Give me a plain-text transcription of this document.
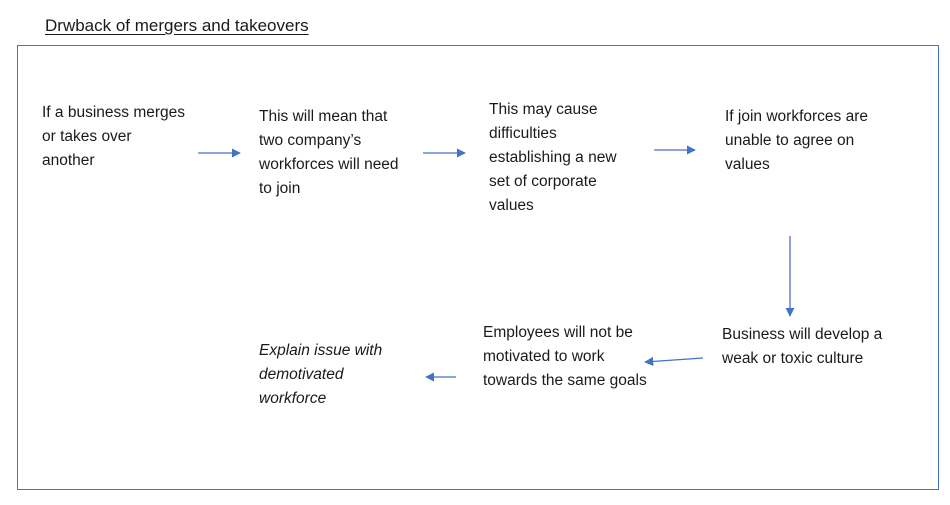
Drwback of mergers and takeovers
If a business merges
or takes over
another
This will mean that
two company’s
workforces will need
to join
This may cause
difficulties
establishing a new
set of corporate
values
If join workforces are
unable to agree on
values
Business will develop a
weak or toxic culture
Employees will not be
motivated to work
towards the same goals
Explain issue with
demotivated
workforce
